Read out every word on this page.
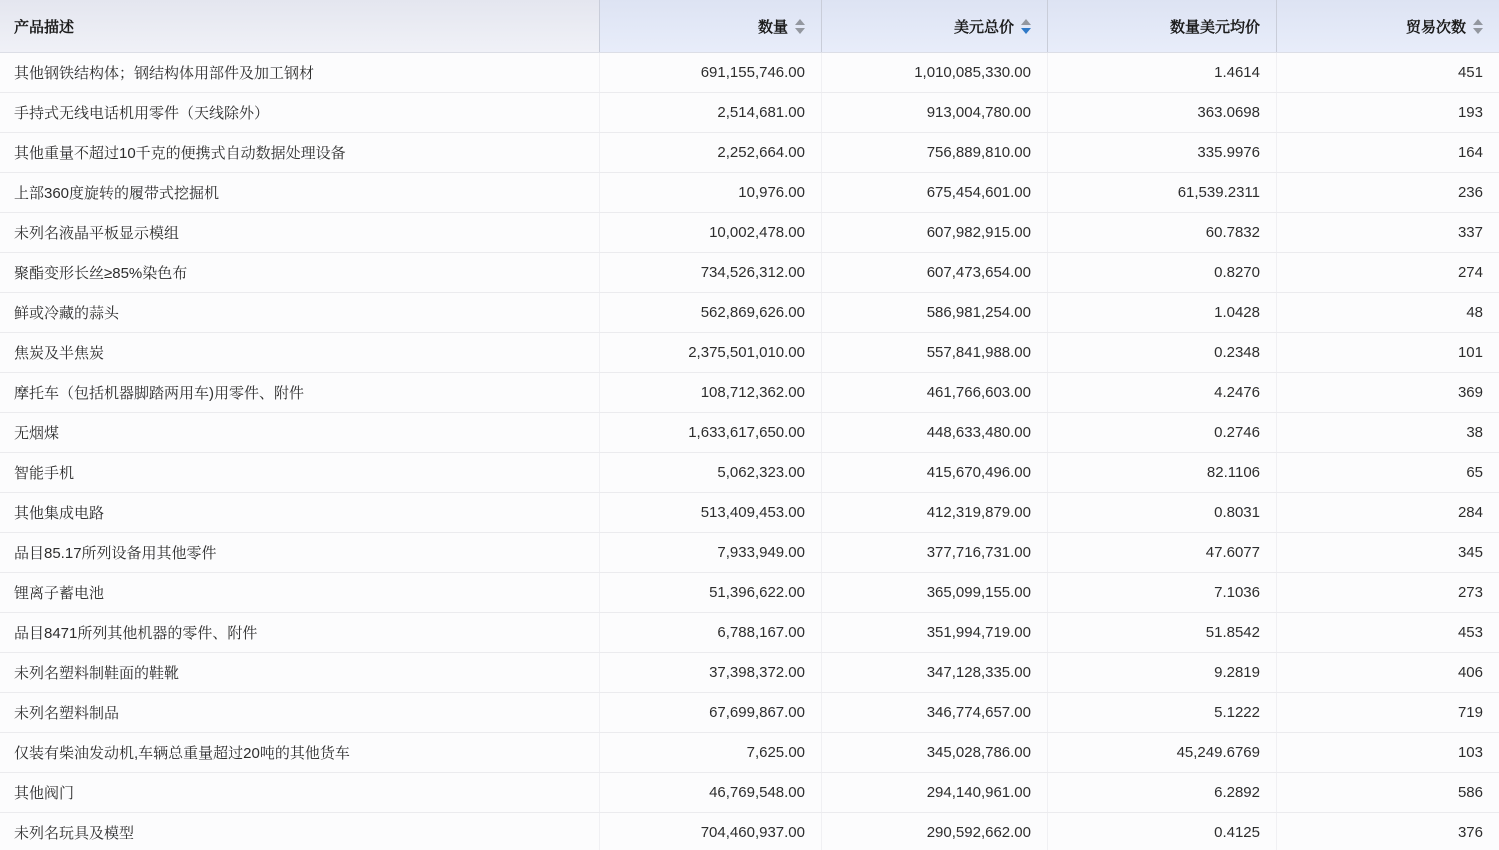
产品描述	数量	美元总价	数量美元均价	贸易次数
其他钢铁结构体；钢结构体用部件及加工钢材	691,155,746.00	1,010,085,330.00	1.4614	451
手持式无线电话机用零件（天线除外）	2,514,681.00	913,004,780.00	363.0698	193
其他重量不超过10千克的便携式自动数据处理设备	2,252,664.00	756,889,810.00	335.9976	164
上部360度旋转的履带式挖掘机	10,976.00	675,454,601.00	61,539.2311	236
未列名液晶平板显示模组	10,002,478.00	607,982,915.00	60.7832	337
聚酯变形长丝≥85%染色布	734,526,312.00	607,473,654.00	0.8270	274
鲜或冷藏的蒜头	562,869,626.00	586,981,254.00	1.0428	48
焦炭及半焦炭	2,375,501,010.00	557,841,988.00	0.2348	101
摩托车（包括机器脚踏两用车)用零件、附件	108,712,362.00	461,766,603.00	4.2476	369
无烟煤	1,633,617,650.00	448,633,480.00	0.2746	38
智能手机	5,062,323.00	415,670,496.00	82.1106	65
其他集成电路	513,409,453.00	412,319,879.00	0.8031	284
品目85.17所列设备用其他零件	7,933,949.00	377,716,731.00	47.6077	345
锂离子蓄电池	51,396,622.00	365,099,155.00	7.1036	273
品目8471所列其他机器的零件、附件	6,788,167.00	351,994,719.00	51.8542	453
未列名塑料制鞋面的鞋靴	37,398,372.00	347,128,335.00	9.2819	406
未列名塑料制品	67,699,867.00	346,774,657.00	5.1222	719
仅装有柴油发动机,车辆总重量超过20吨的其他货车	7,625.00	345,028,786.00	45,249.6769	103
其他阀门	46,769,548.00	294,140,961.00	6.2892	586
未列名玩具及模型	704,460,937.00	290,592,662.00	0.4125	376
